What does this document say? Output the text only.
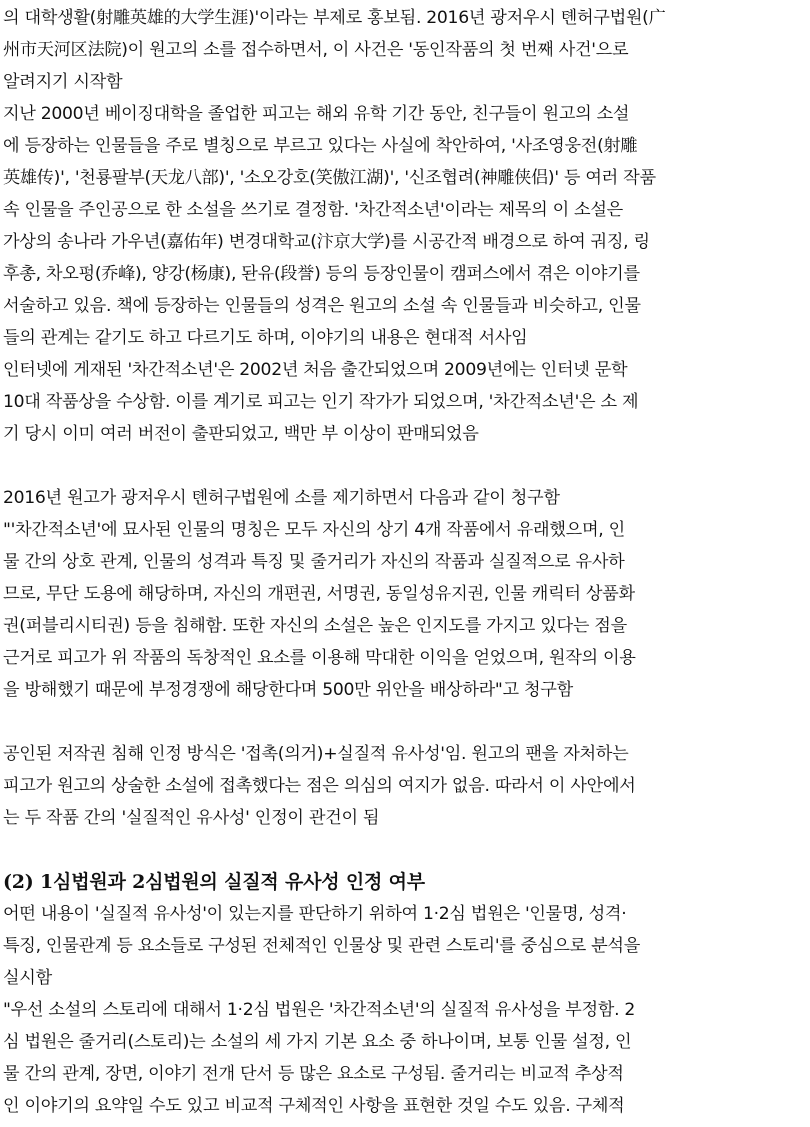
의 대학생활(射雕英雄的大学生涯)'이라는 부제로 홍보됨. 2016년 광저우시 톈허구법원(广
州市天河区法院)이 원고의 소를 접수하면서, 이 사건은 '동인작품의 첫 번째 사건'으로
알려지기 시작함
지난 2000년 베이징대학을 졸업한 피고는 해외 유학 기간 동안, 친구들이 원고의 소설
에 등장하는 인물들을 주로 별칭으로 부르고 있다는 사실에 착안하여, '사조영웅전(射雕
英雄传)', '천룡팔부(天龙八部)', '소오강호(笑傲江湖)', '신조협려(神雕侠侣)' 등 여러 작품
속 인물을 주인공으로 한 소설을 쓰기로 결정함. '차간적소년'이라는 제목의 이 소설은
가상의 송나라 가우년(嘉佑年) 변경대학교(汴京大学)를 시공간적 배경으로 하여 궈징, 링
후총, 차오펑(乔峰), 양강(杨康), 돤유(段誉) 등의 등장인물이 캠퍼스에서 겪은 이야기를
서술하고 있음. 책에 등장하는 인물들의 성격은 원고의 소설 속 인물들과 비슷하고, 인물
들의 관계는 같기도 하고 다르기도 하며, 이야기의 내용은 현대적 서사임
인터넷에 게재된 '차간적소년'은 2002년 처음 출간되었으며 2009년에는 인터넷 문학
10대 작품상을 수상함. 이를 계기로 피고는 인기 작가가 되었으며, '차간적소년'은 소 제
기 당시 이미 여러 버전이 출판되었고, 백만 부 이상이 판매되었음
2016년 원고가 광저우시 톈허구법원에 소를 제기하면서 다음과 같이 청구함
"'차간적소년'에 묘사된 인물의 명칭은 모두 자신의 상기 4개 작품에서 유래했으며, 인
물 간의 상호 관계, 인물의 성격과 특징 및 줄거리가 자신의 작품과 실질적으로 유사하
므로, 무단 도용에 해당하며, 자신의 개편권, 서명권, 동일성유지권, 인물 캐릭터 상품화
권(퍼블리시티권) 등을 침해함. 또한 자신의 소설은 높은 인지도를 가지고 있다는 점을
근거로 피고가 위 작품의 독창적인 요소를 이용해 막대한 이익을 얻었으며, 원작의 이용
을 방해했기 때문에 부정경쟁에 해당한다며 500만 위안을 배상하라"고 청구함
공인된 저작권 침해 인정 방식은 '접촉(의거)+실질적 유사성'임. 원고의 팬을 자처하는
피고가 원고의 상술한 소설에 접촉했다는 점은 의심의 여지가 없음. 따라서 이 사안에서
는 두 작품 간의 '실질적인 유사성' 인정이 관건이 됨
(2) 1심법원과 2심법원의 실질적 유사성 인정 여부
어떤 내용이 '실질적 유사성'이 있는지를 판단하기 위하여 1·2심 법원은 '인물명, 성격·
특징, 인물관계 등 요소들로 구성된 전체적인 인물상 및 관련 스토리'를 중심으로 분석을
실시함
"우선 소설의 스토리에 대해서 1·2심 법원은 '차간적소년'의 실질적 유사성을 부정함. 2
심 법원은 줄거리(스토리)는 소설의 세 가지 기본 요소 중 하나이며, 보통 인물 설정, 인
물 간의 관계, 장면, 이야기 전개 단서 등 많은 요소로 구성됨. 줄거리는 비교적 추상적
인 이야기의 요약일 수도 있고 비교적 구체적인 사항을 표현한 것일 수도 있음. 구체적
